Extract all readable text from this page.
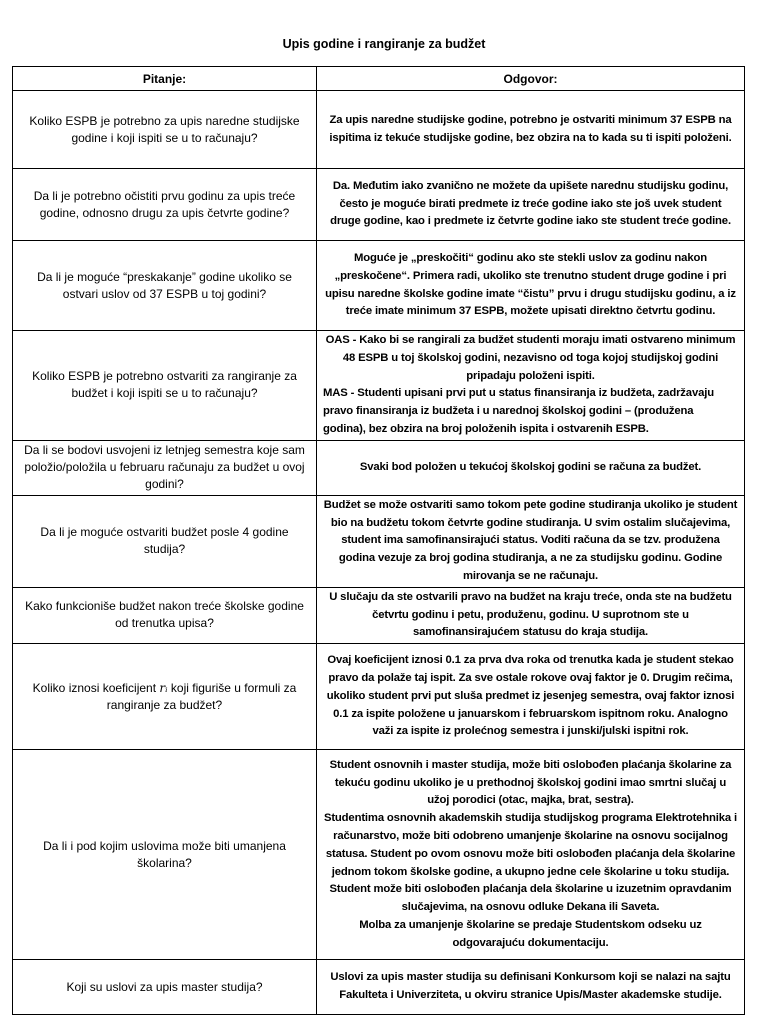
Upis godine i rangiranje za budžet
Pitanje:	Odgovor:
Koliko ESPB je potrebno za upis naredne studijske godine i koji ispiti se u to računaju?	Za upis naredne studijske godine, potrebno je ostvariti minimum 37 ESPB na ispitima iz tekuće studijske godine, bez obzira na to kada su ti ispiti položeni.

Da li je potrebno očistiti prvu godinu za upis treće godine, odnosno drugu za upis četvrte godine?	Da. Međutim iako zvanično ne možete da upišete narednu studijsku godinu, često je moguće birati predmete iz treće godine iako ste još uvek student druge godine, kao i predmete iz četvrte godine iako ste student treće godine.

Da li je moguće “preskakanje” godine ukoliko se ostvari uslov od 37 ESPB u toj godini?	Moguće je „preskočiti“ godinu ako ste stekli uslov za godinu nakon „preskočene“. Primera radi, ukoliko ste trenutno student druge godine i pri upisu naredne školske godine imate “čistu” prvu i drugu studijsku godinu, a iz treće imate minimum 37 ESPB, možete upisati direktno četvrtu godinu.

Koliko ESPB je potrebno ostvariti za rangiranje za budžet i koji ispiti se u to računaju?	OAS - Kako bi se rangirali za budžet studenti moraju imati ostvareno minimum 48 ESPB u toj školskoj godini, nezavisno od toga kojoj studijskoj godini pripadaju položeni ispiti.

MAS - Studenti upisani prvi put u status finansiranja iz budžeta, zadržavaju pravo finansiranja iz budžeta i u narednoj školskoj godini – (produžena godina), bez obzira na broj položenih ispita i ostvarenih ESPB.

Da li se bodovi usvojeni iz letnjeg semestra koje sam položio/položila u februaru računaju za budžet u ovoj godini?	Svaki bod položen u tekućoj školskoj godini se računa za budžet.

Da li je moguće ostvariti budžet posle 4 godine studija?	Budžet se može ostvariti samo tokom pete godine studiranja ukoliko je student bio na budžetu tokom četvrte godine studiranja. U svim ostalim slučajevima, student ima samofinansirajući status. Voditi računa da se tzv. produžena godina vezuje za broj godina studiranja, a ne za studijsku godinu. Godine mirovanja se ne računaju.

Kako funkcioniše budžet nakon treće školske godine od trenutka upisa?	U slučaju da ste ostvarili pravo na budžet na kraju treće, onda ste na budžetu četvrtu godinu i petu, produženu, godinu. U suprotnom ste u samofinansirajućem statusu do kraja studija.

Koliko iznosi koeficijent rᵢ koji figuriše u formuli za rangiranje za budžet?	Ovaj koeficijent iznosi 0.1 za prva dva roka od trenutka kada je student stekao pravo da polaže taj ispit. Za sve ostale rokove ovaj faktor je 0. Drugim rečima, ukoliko student prvi put sluša predmet iz jesenjeg semestra, ovaj faktor iznosi 0.1 za ispite položene u januarskom i februarskom ispitnom roku. Analogno važi za ispite iz prolećnog semestra i junski/julski ispitni rok.

Da li i pod kojim uslovima može biti umanjena školarina?	Student osnovnih i master studija, može biti oslobođen plaćanja školarine za tekuću godinu ukoliko je u prethodnoj školskoj godini imao smrtni slučaj u užoj porodici (otac, majka, brat, sestra).

Studentima osnovnih akademskih studija studijskog programa Elektrotehnika i računarstvo, može biti odobreno umanjenje školarine na osnovu socijalnog statusa. Student po ovom osnovu može biti oslobođen plaćanja dela školarine jednom tokom školske godine, a ukupno jedne cele školarine u toku studija.

Student može biti oslobođen plaćanja dela školarine u izuzetnim opravdanim slučajevima, na osnovu odluke Dekana ili Saveta.

Molba za umanjenje školarine se predaje Studentskom odseku uz odgovarajuću dokumentaciju.

Koji su uslovi za upis master studija?	Uslovi za upis master studija su definisani Konkursom koji se nalazi na sajtu Fakulteta i Univerziteta, u okviru stranice Upis/Master akademske studije.
